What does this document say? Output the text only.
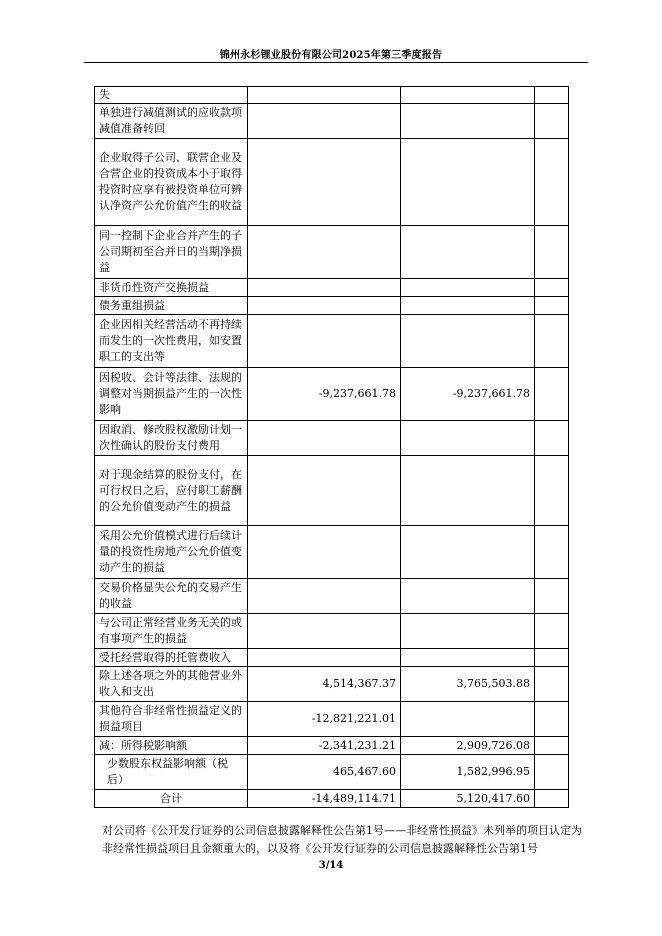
锦州永杉锂业股份有限公司2025年第三季度报告
失			
单独进行减值测试的应收款项减值准备转回			
企业取得子公司、联营企业及合营企业的投资成本小于取得投资时应享有被投资单位可辨认净资产公允价值产生的收益			
同一控制下企业合并产生的子公司期初至合并日的当期净损益			
非货币性资产交换损益			
债务重组损益			
企业因相关经营活动不再持续而发生的一次性费用，如安置职工的支出等			
因税收、会计等法律、法规的调整对当期损益产生的一次性影响	-9,237,661.78	-9,237,661.78	
因取消、修改股权激励计划一次性确认的股份支付费用			
对于现金结算的股份支付，在可行权日之后，应付职工薪酬的公允价值变动产生的损益			
采用公允价值模式进行后续计量的投资性房地产公允价值变动产生的损益			
交易价格显失公允的交易产生的收益			
与公司正常经营业务无关的或有事项产生的损益			
受托经营取得的托管费收入			
除上述各项之外的其他营业外收入和支出	4,514,367.37	3,765,503.88	
其他符合非经常性损益定义的损益项目	-12,821,221.01		
减：所得税影响额	-2,341,231.21	2,909,726.08	
少数股东权益影响额（税后）	465,467.60	1,582,996.95	
合计	-14,489,114.71	5,120,417.60	
对公司将《公开发行证券的公司信息披露解释性公告第1号——非经常性损益》未列举的项目认定为非经常性损益项目且金额重大的，以及将《公开发行证券的公司信息披露解释性公告第1号
3/14
